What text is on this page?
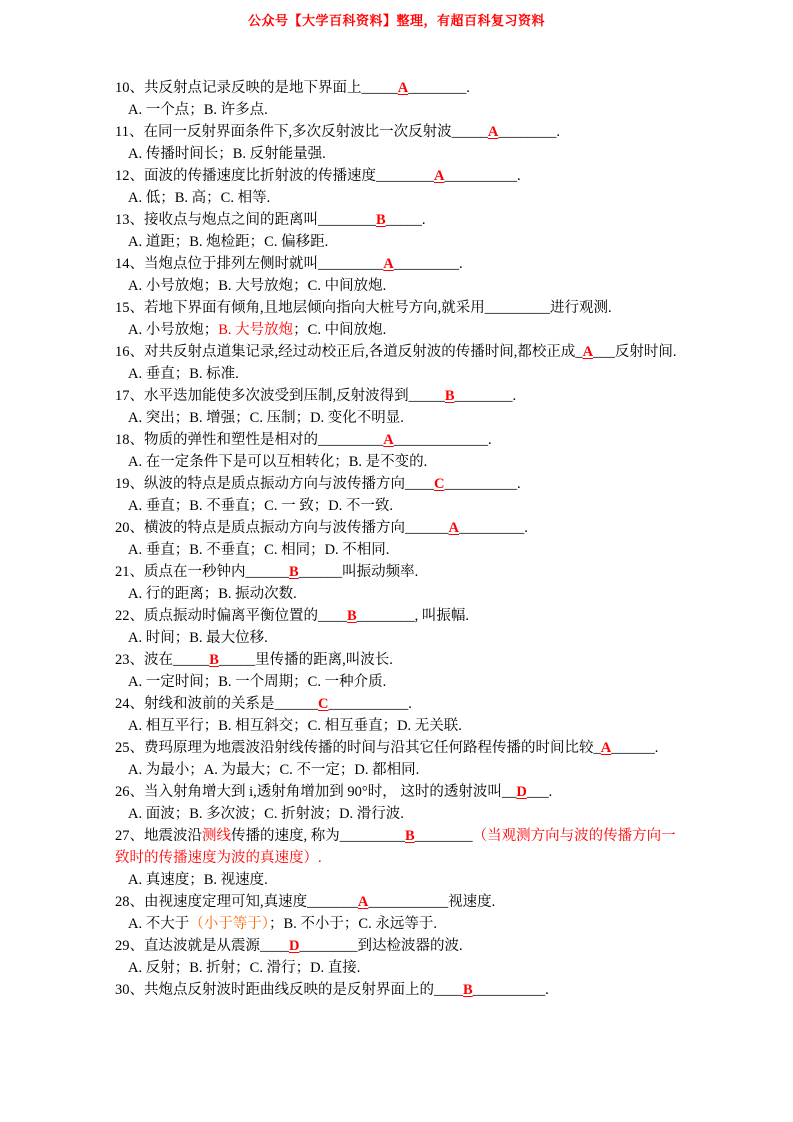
公众号【大学百科资料】整理，有超百科复习资料
10、共反射点记录反映的是地下界面上_____A________.
A. 一个点；B. 许多点.
11、在同一反射界面条件下,多次反射波比一次反射波_____A________.
A. 传播时间长；B. 反射能量强.
12、面波的传播速度比折射波的传播速度________A__________.
A. 低；B. 高；C. 相等.
13、接收点与炮点之间的距离叫________B_____.
A. 道距；B. 炮检距；C. 偏移距.
14、当炮点位于排列左侧时就叫_________A_________.
A. 小号放炮；B. 大号放炮；C. 中间放炮.
15、若地下界面有倾角,且地层倾向指向大桩号方向,就采用_________进行观测.
A. 小号放炮；B. 大号放炮；C. 中间放炮.
16、对共反射点道集记录,经过动校正后,各道反射波的传播时间,都校正成_A___反射时间.
A. 垂直；B. 标准.
17、水平迭加能使多次波受到压制,反射波得到_____B________.
A. 突出；B. 增强；C. 压制；D. 变化不明显.
18、物质的弹性和塑性是相对的_________A_____________.
A. 在一定条件下是可以互相转化；B. 是不变的.
19、纵波的特点是质点振动方向与波传播方向____C__________.
A. 垂直；B. 不垂直；C. 一 致；D. 不一致.
20、横波的特点是质点振动方向与波传播方向______A_________.
A. 垂直；B. 不垂直；C. 相同；D. 不相同.
21、质点在一秒钟内______B______叫振动频率.
A. 行的距离；B. 振动次数.
22、质点振动时偏离平衡位置的____B________, 叫振幅.
A. 时间；B. 最大位移.
23、波在_____B_____里传播的距离,叫波长.
A. 一定时间；B. 一个周期；C. 一种介质.
24、射线和波前的关系是______C___________.
A. 相互平行；B. 相互斜交；C. 相互垂直；D. 无关联.
25、费玛原理为地震波沿射线传播的时间与沿其它任何路程传播的时间比较_A______.
A. 为最小；A. 为最大；C. 不一定；D. 都相同.
26、当入射角增大到 i,透射角增加到 90°时， 这时的透射波叫__D___.
A. 面波；B. 多次波；C. 折射波；D. 滑行波.
27、地震波沿测线传播的速度, 称为_________B________（当观测方向与波的传播方向一
致时的传播速度为波的真速度）.
A. 真速度；B. 视速度.
28、由视速度定理可知,真速度_______A___________视速度.
A. 不大于（小于等于）；B. 不小于；C. 永远等于.
29、直达波就是从震源____D________到达检波器的波.
A. 反射；B. 折射；C. 滑行；D. 直接.
30、共炮点反射波时距曲线反映的是反射界面上的____B__________.
